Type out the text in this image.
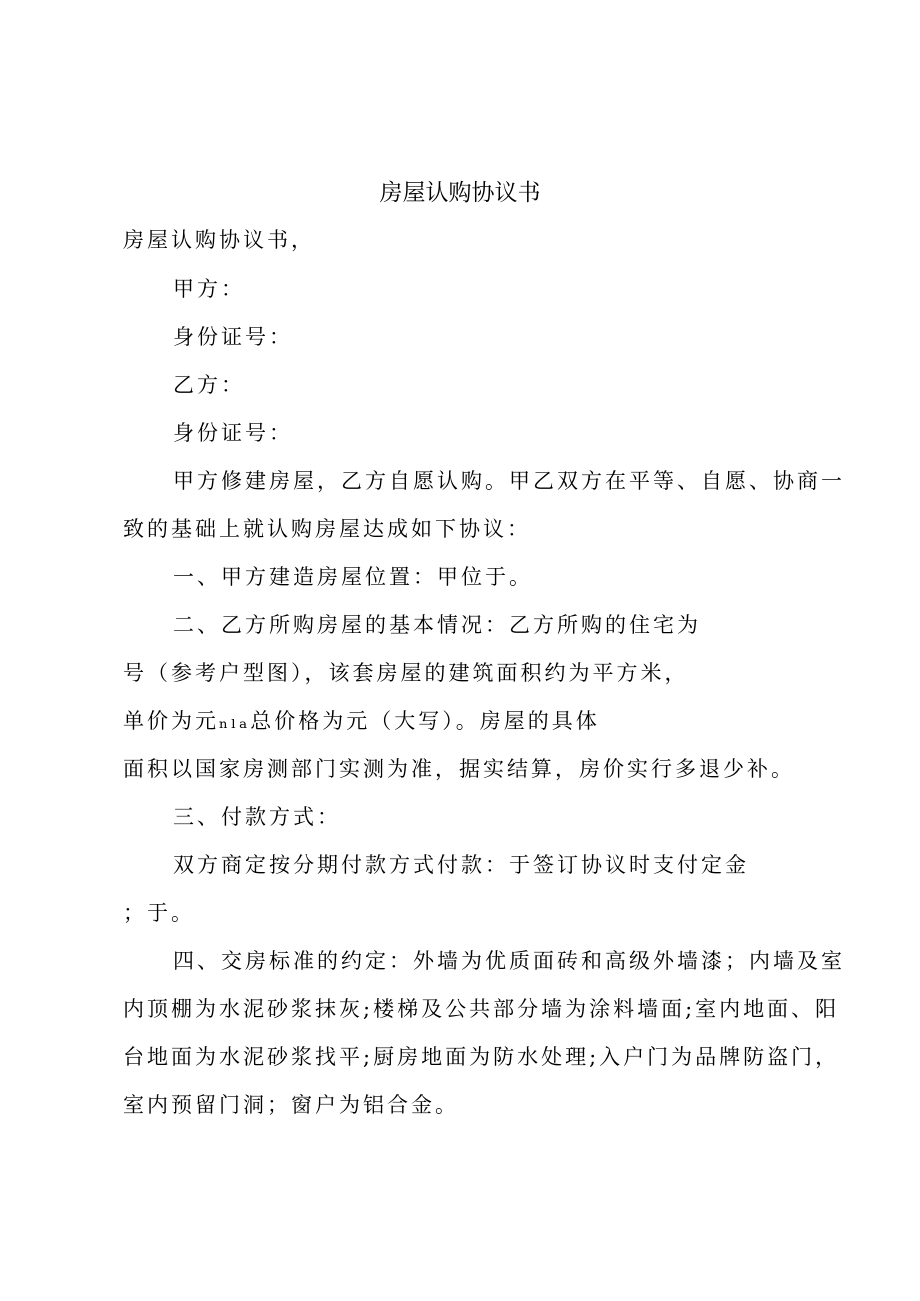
房屋认购协议书
房屋认购协议书，
甲方：
身份证号：
乙方：
身份证号：
甲方修建房屋，乙方自愿认购。甲乙双方在平等、自愿、协商一
致的基础上就认购房屋达成如下协议：
一、甲方建造房屋位置：甲位于。
二、乙方所购房屋的基本情况：乙方所购的住宅为
号（参考户型图），该套房屋的建筑面积约为平方米，
单价为元ₙₗₐ总价格为元（大写）。房屋的具体
面积以国家房测部门实测为准，据实结算，房价实行多退少补。
三、付款方式：
双方商定按分期付款方式付款：于签订协议时支付定金
；于。
四、交房标准的约定：外墙为优质面砖和高级外墙漆；内墙及室
内顶棚为水泥砂浆抹灰;楼梯及公共部分墙为涂料墙面;室内地面、阳
台地面为水泥砂浆找平;厨房地面为防水处理;入户门为品牌防盗门，
室内预留门洞；窗户为铝合金。
